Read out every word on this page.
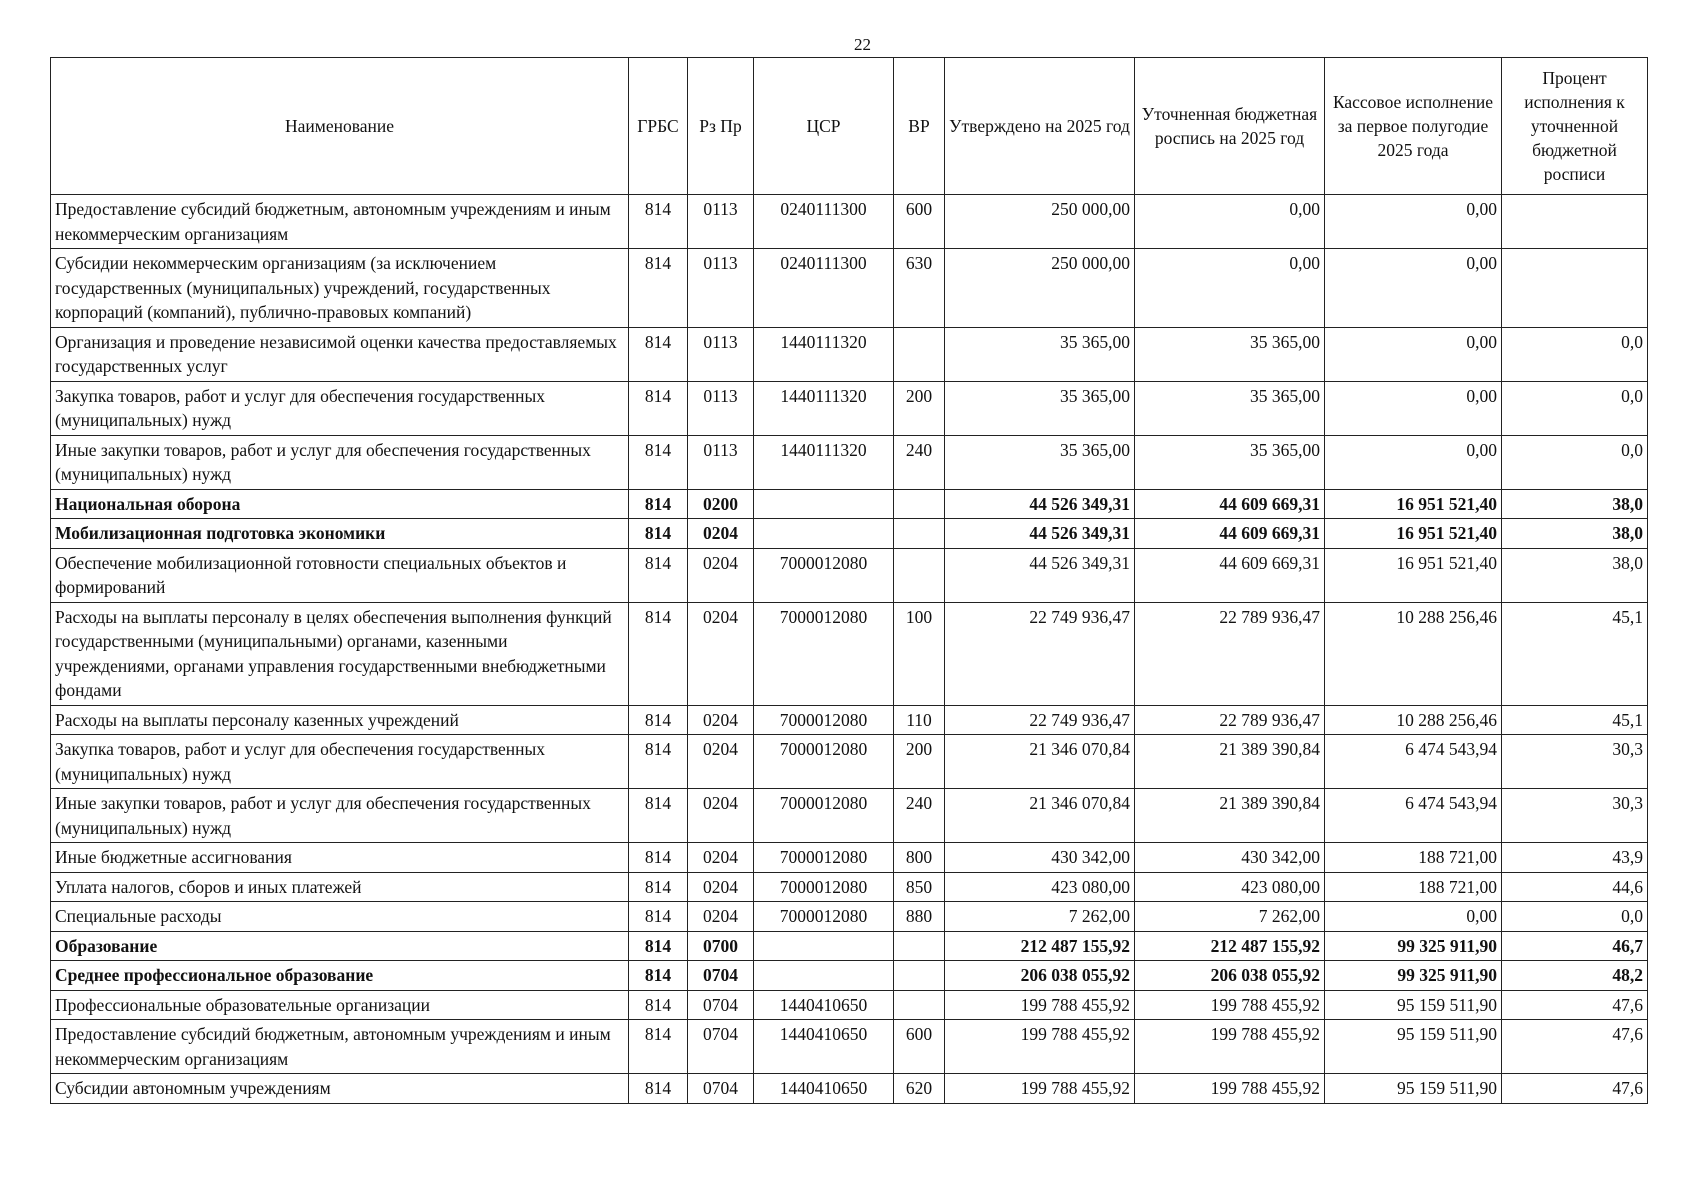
22
Наименование	ГРБС	Рз Пр	ЦСР	ВР	Утверждено на 2025 год	Уточненная бюджетная роспись на 2025 год	Кассовое исполнение за первое полугодие 2025 года	Процент исполнения к уточненной бюджетной росписи
Предоставление субсидий бюджетным, автономным учреждениям и иным некоммерческим организациям	814	0113	0240111300	600	250 000,00	0,00	0,00	
Субсидии некоммерческим организациям (за исключением государственных (муниципальных) учреждений, государственных корпораций (компаний), публично-правовых компаний)	814	0113	0240111300	630	250 000,00	0,00	0,00	
Организация и проведение независимой оценки качества предоставляемых государственных услуг	814	0113	1440111320		35 365,00	35 365,00	0,00	0,0
Закупка товаров, работ и услуг для обеспечения государственных (муниципальных) нужд	814	0113	1440111320	200	35 365,00	35 365,00	0,00	0,0
Иные закупки товаров, работ и услуг для обеспечения государственных (муниципальных) нужд	814	0113	1440111320	240	35 365,00	35 365,00	0,00	0,0
Национальная оборона	814	0200			44 526 349,31	44 609 669,31	16 951 521,40	38,0
Мобилизационная подготовка экономики	814	0204			44 526 349,31	44 609 669,31	16 951 521,40	38,0
Обеспечение мобилизационной готовности специальных объектов и формирований	814	0204	7000012080		44 526 349,31	44 609 669,31	16 951 521,40	38,0
Расходы на выплаты персоналу в целях обеспечения выполнения функций государственными (муниципальными) органами, казенными учреждениями, органами управления государственными внебюджетными фондами	814	0204	7000012080	100	22 749 936,47	22 789 936,47	10 288 256,46	45,1
Расходы на выплаты персоналу казенных учреждений	814	0204	7000012080	110	22 749 936,47	22 789 936,47	10 288 256,46	45,1
Закупка товаров, работ и услуг для обеспечения государственных (муниципальных) нужд	814	0204	7000012080	200	21 346 070,84	21 389 390,84	6 474 543,94	30,3
Иные закупки товаров, работ и услуг для обеспечения государственных (муниципальных) нужд	814	0204	7000012080	240	21 346 070,84	21 389 390,84	6 474 543,94	30,3
Иные бюджетные ассигнования	814	0204	7000012080	800	430 342,00	430 342,00	188 721,00	43,9
Уплата налогов, сборов и иных платежей	814	0204	7000012080	850	423 080,00	423 080,00	188 721,00	44,6
Специальные расходы	814	0204	7000012080	880	7 262,00	7 262,00	0,00	0,0
Образование	814	0700			212 487 155,92	212 487 155,92	99 325 911,90	46,7
Среднее профессиональное образование	814	0704			206 038 055,92	206 038 055,92	99 325 911,90	48,2
Профессиональные образовательные организации	814	0704	1440410650		199 788 455,92	199 788 455,92	95 159 511,90	47,6
Предоставление субсидий бюджетным, автономным учреждениям и иным некоммерческим организациям	814	0704	1440410650	600	199 788 455,92	199 788 455,92	95 159 511,90	47,6
Субсидии автономным учреждениям	814	0704	1440410650	620	199 788 455,92	199 788 455,92	95 159 511,90	47,6
